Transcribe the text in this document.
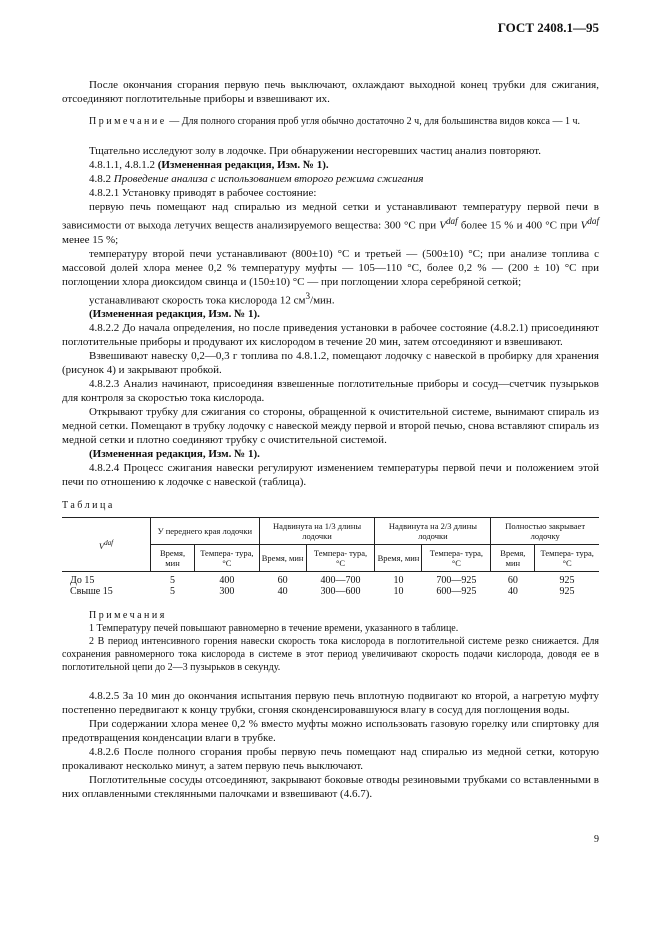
ГОСТ 2408.1—95

После окончания сгорания первую печь выключают, охлаждают выходной конец трубки для сжигания, отсоединяют поглотительные приборы и взвешивают их.

Примечание — Для полного сгорания проб угля обычно достаточно 2 ч, для большинства видов кокса — 1 ч.

Тщательно исследуют золу в лодочке. При обнаружении несгоревших частиц анализ повторяют.

4.8.1.1, 4.8.1.2 (Измененная редакция, Изм. № 1).

4.8.2 Проведение анализа с использованием второго режима сжигания

4.8.2.1 Установку приводят в рабочее состояние:

первую печь помещают над спиралью из медной сетки и устанавливают температуру первой печи в зависимости от выхода летучих веществ анализируемого вещества: 300 °С при $V^{daf}$ более 15 % и 400 °С при $V^{daf}$ менее 15 %;

температуру второй печи устанавливают (800±10) °С и третьей — (500±10) °С; при анализе топлива с массовой долей хлора менее 0,2 % температуру муфты — 105—110 °С, более 0,2 % — (200 ± 10) °С при поглощении хлора диоксидом свинца и (150±10) °С — при поглощении хлора серебряной сеткой;

устанавливают скорость тока кислорода 12 $см^3$/мин.

(Измененная редакция, Изм. № 1).

4.8.2.2 До начала определения, но после приведения установки в рабочее состояние (4.8.2.1) присоединяют поглотительные приборы и продувают их кислородом в течение 20 мин, затем отсоединяют и взвешивают.

Взвешивают навеску 0,2—0,3 г топлива по 4.8.1.2, помещают лодочку с навеской в пробирку для хранения (рисунок 4) и закрывают пробкой.

4.8.2.3 Анализ начинают, присоединяя взвешенные поглотительные приборы и сосуд—счетчик пузырьков для контроля за скоростью тока кислорода.

Открывают трубку для сжигания со стороны, обращенной к очистительной системе, вынимают спираль из медной сетки. Помещают в трубку лодочку с навеской между первой и второй печью, снова вставляют спираль из медной сетки и плотно соединяют трубку с очистительной системой.

(Измененная редакция, Изм. № 1).

4.8.2.4 Процесс сжигания навески регулируют изменением температуры первой печи и положением этой печи по отношению к лодочке с навеской (таблица).

Таблица

$V^{daf}$	У переднего края лодочки		Надвинута на 1/3 длины лодочки		Надвинута на 2/3 длины лодочки		Полностью закрывает лодочку	
	Время, мин	Темпера- тура, °С	Время, мин	Темпера- тура, °С	Время, мин	Темпера- тура, °С	Время, мин	Темпера- тура, °С
До 15	5	400	60	400—700	10	700—925	60	925
Свыше 15	5	300	40	300—600	10	600—925	40	925

Примечания

1 Температуру печей повышают равномерно в течение времени, указанного в таблице.

2 В период интенсивного горения навески скорость тока кислорода в поглотительной системе резко снижается. Для сохранения равномерного тока кислорода в системе в этот период увеличивают скорость подачи кислорода, доводя ее в поглотительной цепи до 2—3 пузырьков в секунду.

4.8.2.5 За 10 мин до окончания испытания первую печь вплотную подвигают ко второй, а нагретую муфту постепенно передвигают к концу трубки, сгоняя сконденсировавшуюся влагу в сосуд для поглощения воды.

При содержании хлора менее 0,2 % вместо муфты можно использовать газовую горелку или спиртовку для предотвращения конденсации влаги в трубке.

4.8.2.6 После полного сгорания пробы первую печь помещают над спиралью из медной сетки, которую прокаливают несколько минут, а затем первую печь выключают.

Поглотительные сосуды отсоединяют, закрывают боковые отводы резиновыми трубками со вставленными в них оплавленными стеклянными палочками и взвешивают (4.6.7).

9
